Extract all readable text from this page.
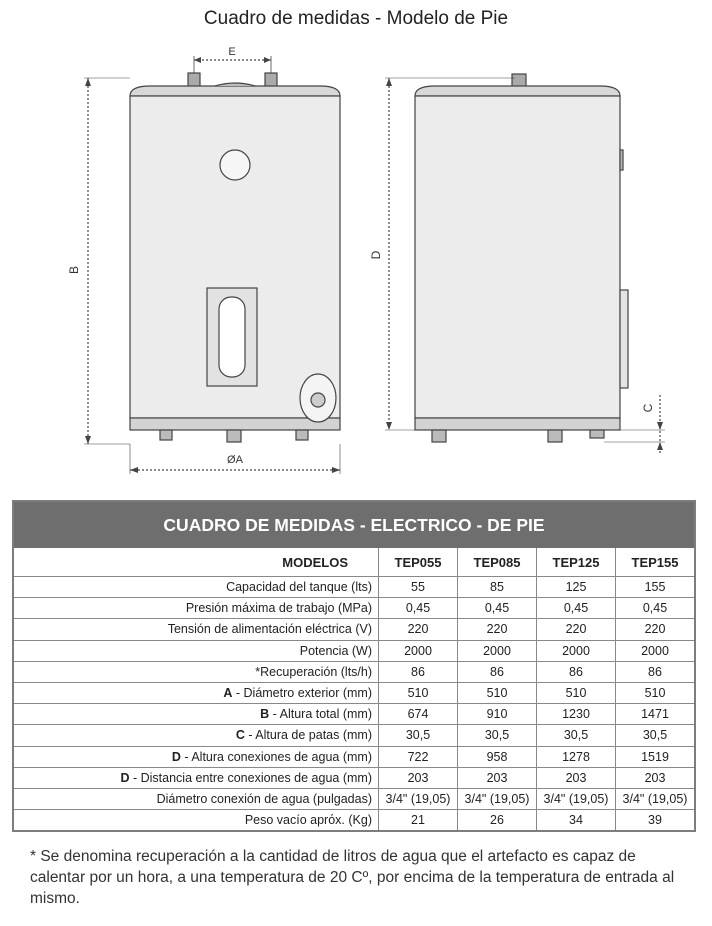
Cuadro de medidas - Modelo de Pie
E
B
ØA
D
C
CUADRO DE MEDIDAS - ELECTRICO - DE PIE
MODELOS	TEP055	TEP085	TEP125	TEP155
Capacidad del tanque (lts)	55	85	125	155
Presión máxima de trabajo (MPa)	0,45	0,45	0,45	0,45
Tensión de alimentación eléctrica (V)	220	220	220	220
Potencia (W)	2000	2000	2000	2000
*Recuperación (lts/h)	86	86	86	86
A - Diámetro exterior (mm)	510	510	510	510
B - Altura total (mm)	674	910	1230	1471
C - Altura de patas (mm)	30,5	30,5	30,5	30,5
D - Altura conexiones de agua (mm)	722	958	1278	1519
D - Distancia entre conexiones de agua (mm)	203	203	203	203
Diámetro conexión de agua (pulgadas)	3/4" (19,05)	3/4" (19,05)	3/4" (19,05)	3/4" (19,05)
Peso vacío aprόx. (Kg)	21	26	34	39
* Se denomina recuperación a la cantidad de litros de agua que el artefacto es capaz de calentar por un hora, a una temperatura de 20 Cº, por encima de la temperatura de entrada al mismo.
